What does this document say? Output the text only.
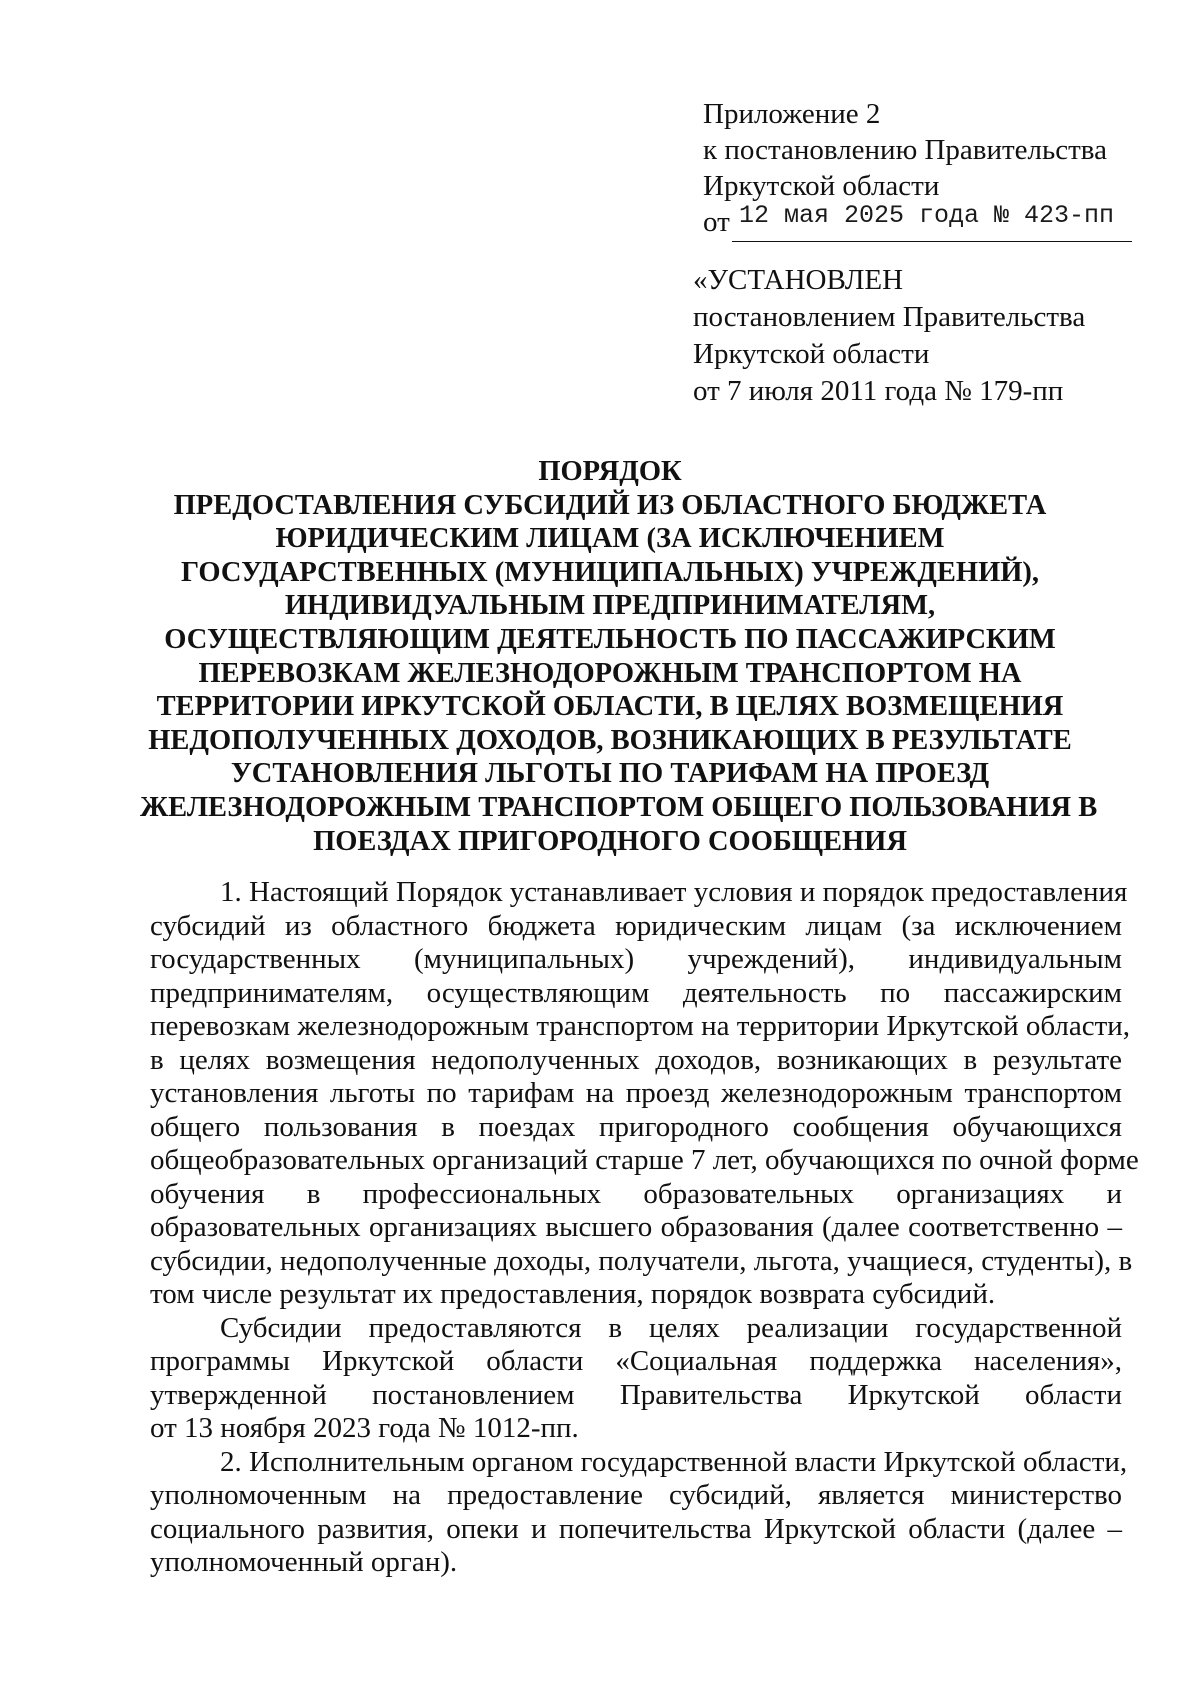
Приложение 2
к постановлению Правительства
Иркутской области
от 12 мая 2025 года № 423-пп
«УСТАНОВЛЕН
постановлением Правительства
Иркутской области
от 7 июля 2011 года № 179-пп
ПОРЯДОК
ПРЕДОСТАВЛЕНИЯ СУБСИДИЙ ИЗ ОБЛАСТНОГО БЮДЖЕТА
ЮРИДИЧЕСКИМ ЛИЦАМ (ЗА ИСКЛЮЧЕНИЕМ
ГОСУДАРСТВЕННЫХ (МУНИЦИПАЛЬНЫХ) УЧРЕЖДЕНИЙ),
ИНДИВИДУАЛЬНЫМ ПРЕДПРИНИМАТЕЛЯМ,
ОСУЩЕСТВЛЯЮЩИМ ДЕЯТЕЛЬНОСТЬ ПО ПАССАЖИРСКИМ
ПЕРЕВОЗКАМ ЖЕЛЕЗНОДОРОЖНЫМ ТРАНСПОРТОМ НА
ТЕРРИТОРИИ ИРКУТСКОЙ ОБЛАСТИ, В ЦЕЛЯХ ВОЗМЕЩЕНИЯ
НЕДОПОЛУЧЕННЫХ ДОХОДОВ, ВОЗНИКАЮЩИХ В РЕЗУЛЬТАТЕ
УСТАНОВЛЕНИЯ ЛЬГОТЫ ПО ТАРИФАМ НА ПРОЕЗД
ЖЕЛЕЗНОДОРОЖНЫМ ТРАНСПОРТОМ ОБЩЕГО ПОЛЬЗОВАНИЯ В
ПОЕЗДАХ ПРИГОРОДНОГО СООБЩЕНИЯ
1. Настоящий Порядок устанавливает условия и порядок предоставления
субсидий из областного бюджета юридическим лицам (за исключением
государственных (муниципальных) учреждений), индивидуальным
предпринимателям, осуществляющим деятельность по пассажирским
перевозкам железнодорожным транспортом на территории Иркутской области,
в целях возмещения недополученных доходов, возникающих в результате
установления льготы по тарифам на проезд железнодорожным транспортом
общего пользования в поездах пригородного сообщения обучающихся
общеобразовательных организаций старше 7 лет, обучающихся по очной форме
обучения в профессиональных образовательных организациях и
образовательных организациях высшего образования (далее соответственно –
субсидии, недополученные доходы, получатели, льгота, учащиеся, студенты), в
том числе результат их предоставления, порядок возврата субсидий.
Субсидии предоставляются в целях реализации государственной
программы Иркутской области «Социальная поддержка населения»,
утвержденной постановлением Правительства Иркутской области
от 13 ноября 2023 года № 1012-пп.
2. Исполнительным органом государственной власти Иркутской области,
уполномоченным на предоставление субсидий, является министерство
социального развития, опеки и попечительства Иркутской области (далее –
уполномоченный орган).
